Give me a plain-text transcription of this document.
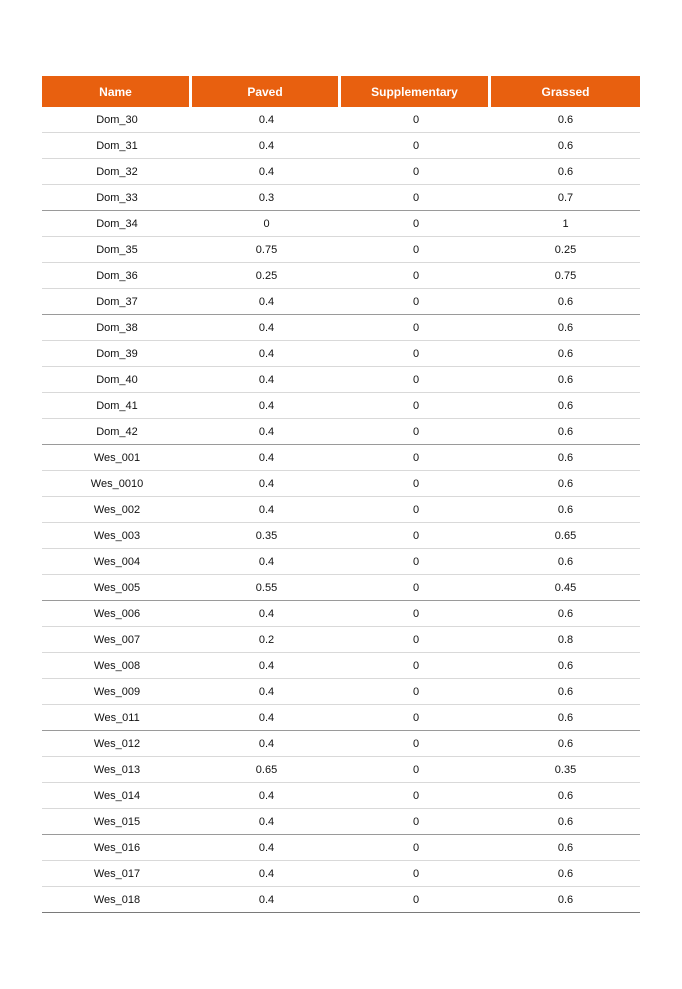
Name	Paved	Supplementary	Grassed
Dom_30	0.4	0	0.6
Dom_31	0.4	0	0.6
Dom_32	0.4	0	0.6
Dom_33	0.3	0	0.7
Dom_34	0	0	1
Dom_35	0.75	0	0.25
Dom_36	0.25	0	0.75
Dom_37	0.4	0	0.6
Dom_38	0.4	0	0.6
Dom_39	0.4	0	0.6
Dom_40	0.4	0	0.6
Dom_41	0.4	0	0.6
Dom_42	0.4	0	0.6
Wes_001	0.4	0	0.6
Wes_0010	0.4	0	0.6
Wes_002	0.4	0	0.6
Wes_003	0.35	0	0.65
Wes_004	0.4	0	0.6
Wes_005	0.55	0	0.45
Wes_006	0.4	0	0.6
Wes_007	0.2	0	0.8
Wes_008	0.4	0	0.6
Wes_009	0.4	0	0.6
Wes_011	0.4	0	0.6
Wes_012	0.4	0	0.6
Wes_013	0.65	0	0.35
Wes_014	0.4	0	0.6
Wes_015	0.4	0	0.6
Wes_016	0.4	0	0.6
Wes_017	0.4	0	0.6
Wes_018	0.4	0	0.6
